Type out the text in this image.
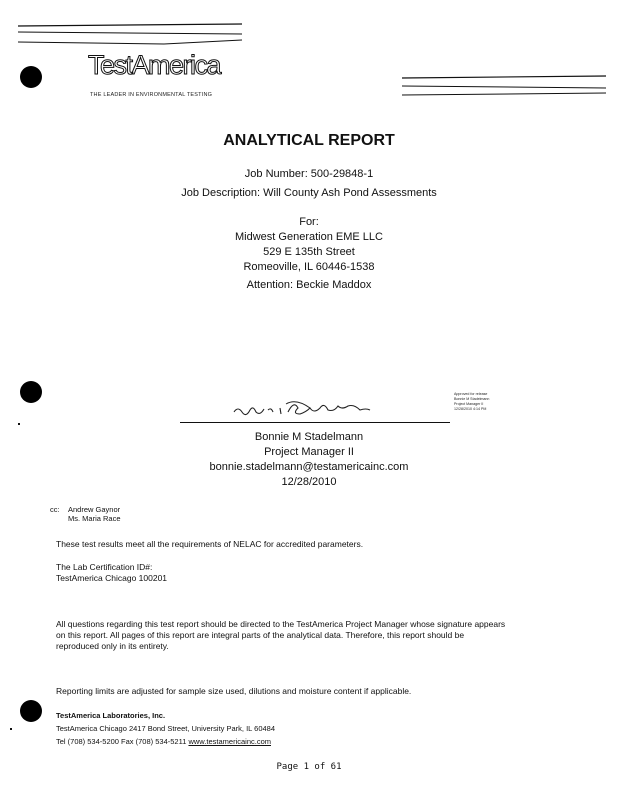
TestAmerica
THE LEADER IN ENVIRONMENTAL TESTING
ANALYTICAL REPORT
Job Number: 500-29848-1
Job Description: Will County Ash Pond Assessments
For:
Midwest Generation EME LLC
529 E 135th Street
Romeoville, IL 60446-1538
Attention: Beckie Maddox
Approved for release
Bonnie M Stadelmann
Project Manager II
12/28/2010 4:14 PM
Bonnie M Stadelmann
Project Manager II
bonnie.stadelmann@testamericainc.com
12/28/2010
cc: Andrew Gaynor
Ms. Maria Race
These test results meet all the requirements of NELAC for accredited parameters.
The Lab Certification ID#:
TestAmerica Chicago 100201
All questions regarding this test report should be directed to the TestAmerica Project Manager whose signature appears
on this report. All pages of this report are integral parts of the analytical data. Therefore, this report should be
reproduced only in its entirety.
Reporting limits are adjusted for sample size used, dilutions and moisture content if applicable.
TestAmerica Laboratories, Inc.
TestAmerica Chicago 2417 Bond Street, University Park, IL 60484
Tel (708) 534-5200 Fax (708) 534-5211 www.testamericainc.com
Page 1 of 61
